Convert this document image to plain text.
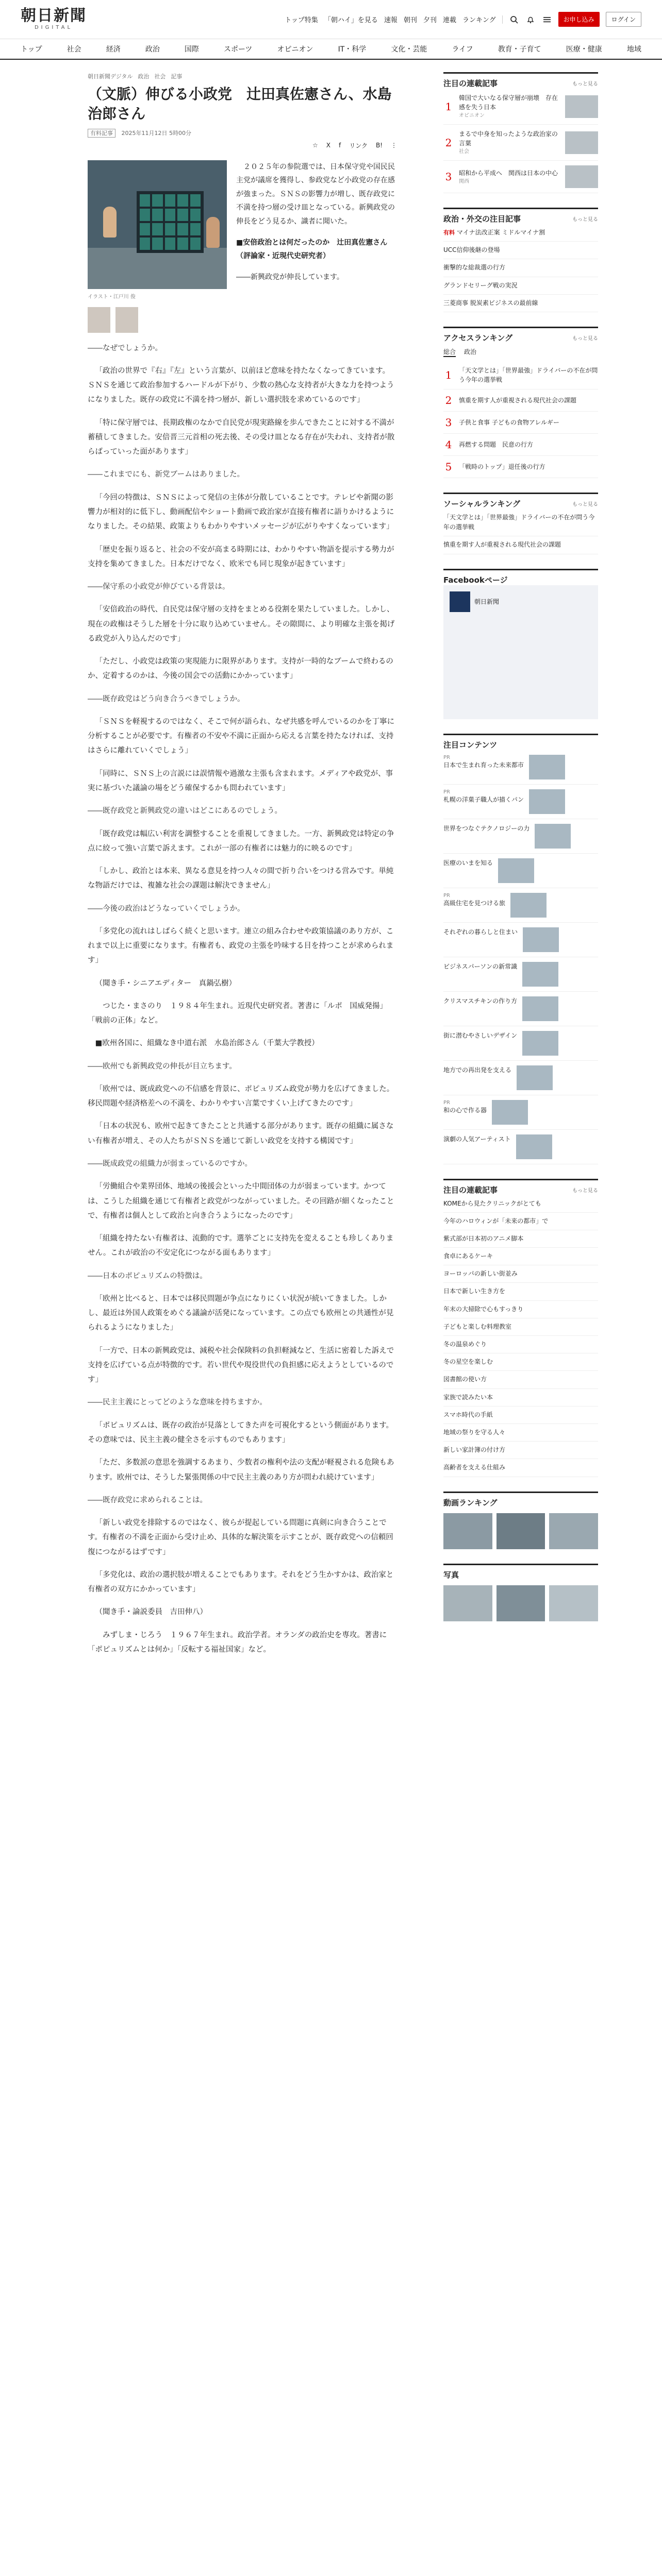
朝日新聞
DIGITAL
トップ特集 「朝ハイ」を見る 速報 朝刊 夕刊 連載 ランキング	お申し込み	ログイン
トップ	社会	経済	政治	国際	スポーツ	オピニオン	IT・科学	文化・芸能	ライフ	教育・子育て	医療・健康	地域
朝日新聞デジタル 政治 社会 記事
（文脈）伸びる小政党　辻田真佐憲さん、水島治郎さん
有料記事 2025年11月12日 5時00分
☆ X f リンク B! ⋮
イラスト・江戸川 俊

　２０２５年の参院選では、日本保守党や国民民主党が議席を獲得し、参政党など小政党の存在感が強まった。ＳＮＳの影響力が増し、既存政党に不満を持つ層の受け皿となっている。新興政党の伸長をどう見るか、識者に聞いた。

■安倍政治とは何だったのか　辻田真佐憲さん（評論家・近現代史研究者）

――新興政党が伸長しています。

――なぜでしょうか。

「政治の世界で『右』『左』という言葉が、以前ほど意味を持たなくなってきています。ＳＮＳを通じて政治参加するハードルが下がり、少数の熱心な支持者が大きな力を持つようになりました。既存の政党に不満を持つ層が、新しい選択肢を求めているのです」

「特に保守層では、長期政権のなかで自民党が現実路線を歩んできたことに対する不満が蓄積してきました。安倍晋三元首相の死去後、その受け皿となる存在が失われ、支持者が散らばっていった面があります」

――これまでにも、新党ブームはありました。

「今回の特徴は、ＳＮＳによって発信の主体が分散していることです。テレビや新聞の影響力が相対的に低下し、動画配信やショート動画で政治家が直接有権者に語りかけるようになりました。その結果、政策よりもわかりやすいメッセージが広がりやすくなっています」

「歴史を振り返ると、社会の不安が高まる時期には、わかりやすい物語を提示する勢力が支持を集めてきました。日本だけでなく、欧米でも同じ現象が起きています」

――保守系の小政党が伸びている背景は。

「安倍政治の時代、自民党は保守層の支持をまとめる役割を果たしていました。しかし、現在の政権はそうした層を十分に取り込めていません。その隙間に、より明確な主張を掲げる政党が入り込んだのです」

「ただし、小政党は政策の実現能力に限界があります。支持が一時的なブームで終わるのか、定着するのかは、今後の国会での活動にかかっています」

――既存政党はどう向き合うべきでしょうか。

「ＳＮＳを軽視するのではなく、そこで何が語られ、なぜ共感を呼んでいるのかを丁寧に分析することが必要です。有権者の不安や不満に正面から応える言葉を持たなければ、支持はさらに離れていくでしょう」

「同時に、ＳＮＳ上の言説には誤情報や過激な主張も含まれます。メディアや政党が、事実に基づいた議論の場をどう確保するかも問われています」

――既存政党と新興政党の違いはどこにあるのでしょう。

「既存政党は幅広い利害を調整することを重視してきました。一方、新興政党は特定の争点に絞って強い言葉で訴えます。これが一部の有権者には魅力的に映るのです」

「しかし、政治とは本来、異なる意見を持つ人々の間で折り合いをつける営みです。単純な物語だけでは、複雑な社会の課題は解決できません」

――今後の政治はどうなっていくでしょうか。

「多党化の流れはしばらく続くと思います。連立の組み合わせや政策協議のあり方が、これまで以上に重要になります。有権者も、政党の主張を吟味する目を持つことが求められます」

（聞き手・シニアエディター　真鍋弘樹）

　つじた・まさのり　１９８４年生まれ。近現代史研究者。著書に「ルポ　国威発揚」「戦前の正体」など。

■欧州各国に、組織なき中道右派　水島治郎さん（千葉大学教授）

――欧州でも新興政党の伸長が目立ちます。

「欧州では、既成政党への不信感を背景に、ポピュリズム政党が勢力を広げてきました。移民問題や経済格差への不満を、わかりやすい言葉ですくい上げてきたのです」

「日本の状況も、欧州で起きてきたことと共通する部分があります。既存の組織に属さない有権者が増え、その人たちがＳＮＳを通じて新しい政党を支持する構図です」

――既成政党の組織力が弱まっているのですか。

「労働組合や業界団体、地域の後援会といった中間団体の力が弱まっています。かつては、こうした組織を通じて有権者と政党がつながっていました。その回路が細くなったことで、有権者は個人として政治と向き合うようになったのです」

「組織を持たない有権者は、流動的です。選挙ごとに支持先を変えることも珍しくありません。これが政治の不安定化につながる面もあります」

――日本のポピュリズムの特徴は。

「欧州と比べると、日本では移民問題が争点になりにくい状況が続いてきました。しかし、最近は外国人政策をめぐる議論が活発になっています。この点でも欧州との共通性が見られるようになりました」

「一方で、日本の新興政党は、減税や社会保険料の負担軽減など、生活に密着した訴えで支持を広げている点が特徴的です。若い世代や現役世代の負担感に応えようとしているのです」

――民主主義にとってどのような意味を持ちますか。

「ポピュリズムは、既存の政治が見落としてきた声を可視化するという側面があります。その意味では、民主主義の健全さを示すものでもあります」

「ただ、多数派の意思を強調するあまり、少数者の権利や法の支配が軽視される危険もあります。欧州では、そうした緊張関係の中で民主主義のあり方が問われ続けています」

――既存政党に求められることは。

「新しい政党を排除するのではなく、彼らが提起している問題に真剣に向き合うことです。有権者の不満を正面から受け止め、具体的な解決策を示すことが、既存政党への信頼回復につながるはずです」

「多党化は、政治の選択肢が増えることでもあります。それをどう生かすかは、政治家と有権者の双方にかかっています」

（聞き手・論説委員　吉田伸八）

　みずしま・じろう　１９６７年生まれ。政治学者。オランダの政治史を専攻。著書に「ポピュリズムとは何か」「反転する福祉国家」など。

注目の連載記事	もっと見る
1
韓国で大いなる保守層が崩壊　存在感を失う日本
オピニオン
2
まるで中身を知ったような政治家の言葉
社会
3	昭和から平成へ　関西は日本の中心
関西
政治・外交の注目記事	もっと見る
有料 マイナ法改正案 ミドルマイナ割
UCC信仰後継の登場
衝撃的な総裁選の行方
グランドセリーグ戦の実況
三菱商事 脱炭素ビジネスの最前線
アクセスランキング	もっと見る
総合 政治
1	「天文学とは」「世界最強」ドライバーの不在が問う今年の選挙戦
2	慎重を期す人が重視される現代社会の課題
3	子供と食事 子どもの食物アレルギー
4	再燃する問題　民意の行方
5	「戦時のトップ」退任後の行方
ソーシャルランキング	もっと見る
「天文学とは」「世界最強」ドライバーの不在が問う今年の選挙戦
慎重を期す人が重視される現代社会の課題
Facebookページ
朝日新聞
注目コンテンツ
PR
日本で生まれ育った未来都市
PR
札幌の洋菓子職人が描くパン
世界をつなぐテクノロジーの力
医療のいまを知る
PR
高級住宅を見つける旅
それぞれの暮らしと住まい
ビジネスパーソンの新常識
クリスマスチキンの作り方
街に潜むやさしいデザイン
地方での再出発を支える
PR
和の心で作る器
演劇の人気アーティスト
注目の連載記事	もっと見る
KOMEから見たクリニックがとても
今年のハロウィンが「未来の都市」で
紫式部が日本初のアニメ脚本
食卓にあるケーキ
ヨーロッパの新しい街並み
日本で新しい生き方を
年末の大掃除で心もすっきり
子どもと楽しむ料理教室
冬の温泉めぐり
冬の星空を楽しむ
図書館の使い方
家族で読みたい本
スマホ時代の手紙
地域の祭りを守る人々
新しい家計簿の付け方
高齢者を支える仕組み
動画ランキング
写真
